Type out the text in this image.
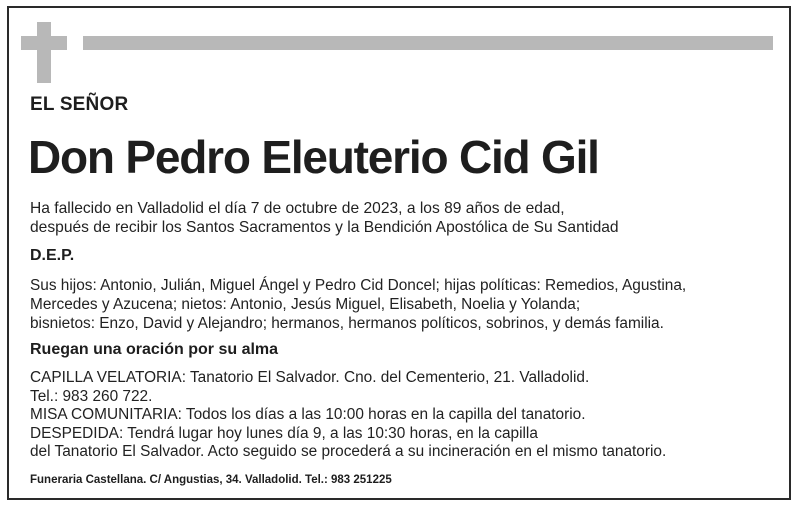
EL SEÑOR
Don Pedro Eleuterio Cid Gil
Ha fallecido en Valladolid el día 7 de octubre de 2023, a los 89 años de edad,
después de recibir los Santos Sacramentos y la Bendición Apostólica de Su Santidad
D.E.P.
Sus hijos: Antonio, Julián, Miguel Ángel y Pedro Cid Doncel; hijas políticas: Remedios, Agustina,
Mercedes y Azucena; nietos: Antonio, Jesús Miguel, Elisabeth, Noelia y Yolanda;
bisnietos: Enzo, David y Alejandro; hermanos, hermanos políticos, sobrinos, y demás familia.
Ruegan una oración por su alma
CAPILLA VELATORIA: Tanatorio El Salvador. Cno. del Cementerio, 21. Valladolid.
Tel.: 983 260 722.
MISA COMUNITARIA: Todos los días a las 10:00 horas en la capilla del tanatorio.
DESPEDIDA: Tendrá lugar hoy lunes día 9, a las 10:30 horas, en la capilla
del Tanatorio El Salvador. Acto seguido se procederá a su incineración en el mismo tanatorio.
Funeraria Castellana. C/ Angustias, 34. Valladolid. Tel.: 983 251225
